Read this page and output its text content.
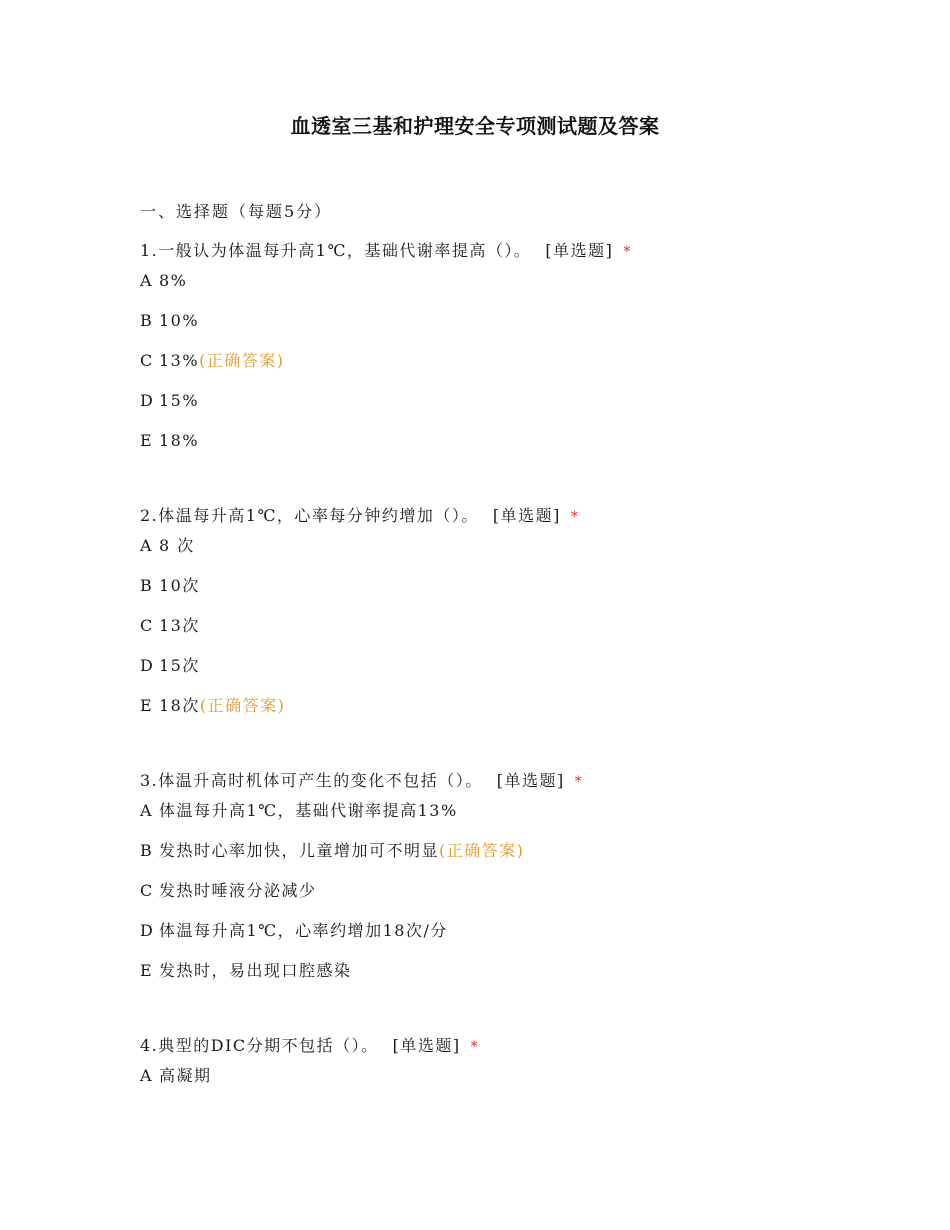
血透室三基和护理安全专项测试题及答案
一、选择题（每题5分）
1.一般认为体温每升高1℃，基础代谢率提高（）。 [单选题] *
A 8%
B 10%
C 13%(正确答案)
D 15%
E 18%
2.体温每升高1℃，心率每分钟约增加（）。 [单选题] *
A 8 次
B 10次
C 13次
D 15次
E 18次(正确答案)
3.体温升高时机体可产生的变化不包括（）。 [单选题] *
A 体温每升高1℃，基础代谢率提高13%
B 发热时心率加快，儿童增加可不明显(正确答案)
C 发热时唾液分泌减少
D 体温每升高1℃，心率约增加18次/分
E 发热时，易出现口腔感染
4.典型的DIC分期不包括（）。 [单选题] *
A 高凝期
